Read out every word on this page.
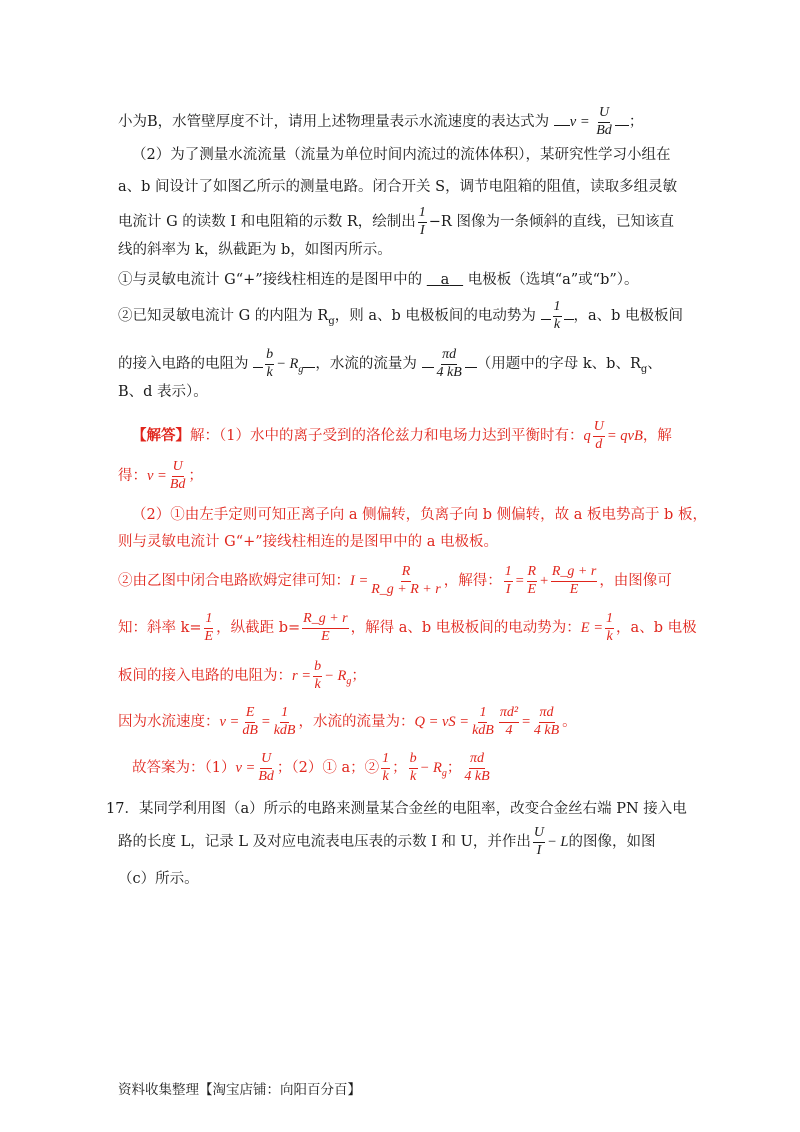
小为B，水管壁厚度不计，请用上述物理量表示水流速度的表达式为 $v = \frac{U}{Bd}$ ；
（2）为了测量水流流量（流量为单位时间内流过的流体体积），某研究性学习小组在
a、b 间设计了如图乙所示的测量电路。闭合开关 S，调节电阻箱的阻值，读取多组灵敏
电流计 G 的读数 I 和电阻箱的示数 R，绘制出 $\frac{1}{I} -R$ 图像为一条倾斜的直线，已知该直
线的斜率为 k，纵截距为 b，如图丙所示。
①与灵敏电流计 G“+”接线柱相连的是图甲中的    a    电极板（选填“a”或“b”）。
②已知灵敏电流计 G 的内阻为 $R_g$，则 a、b 电极板间的电动势为 $\frac{1}{k}$ ，a、b 电极板间
的接入电路的电阻为 $\frac{b}{k} - R_g$ ，水流的流量为 $\frac{\pi d}{4 kB}$ （用题中的字母 k、b、$R_g$、
B、d 表示）。
【解答】解：（1）水中的离子受到的洛伦兹力和电场力达到平衡时有：q $\frac{U}{d}$ = qvB，解
得：$v = \frac{U}{Bd}$ ；
（2）①由左手定则可知正离子向 a 侧偏转，负离子向 b 侧偏转，故 a 板电势高于 b 板，
则与灵敏电流计 G“+”接线柱相连的是图甲中的 a 电极板。
②由乙图中闭合电路欧姆定律可知：$I = \frac{R}{R\_g + R + r}$ ，解得： $\frac{1}{I} = \frac{R}{E} + \frac{R\_g + r}{E}$ ，由图像可
知：斜率 $k= \frac{1}{E}$ ，纵截距 $b= \frac{R\_g + r}{E}$ ，解得 a、b 电极板间的电动势为：$E = \frac{1}{k}$ ，a、b 电极
板间的接入电路的电阻为：$r = \frac{b}{k} - R_g$；
因为水流速度：$v = \frac{E}{dB} = \frac{1}{\text{kdB}}$ ，水流的流量为：Q = vS = $\frac{1}{\text{kdB}} \frac{\text{πd²}}{4} = \frac{\pi d}{4 kB}$ 。
故答案为：$(1)v = \frac{U}{Bd}$ ；（2）① a；② $\frac{1}{k}$ ； $\frac{b}{k} - R_g$； $\frac{\pi d}{4 kB}$
17．某同学利用图（a）所示的电路来测量某合金丝的电阻率，改变合金丝右端 PN 接入电
路的长度 L，记录 L 及对应电流表电压表的示数 I 和 U，并作出 $\frac{U}{I} - L$的图像，如图
（c）所示。
资料收集整理【淘宝店铺：向阳百分百】
